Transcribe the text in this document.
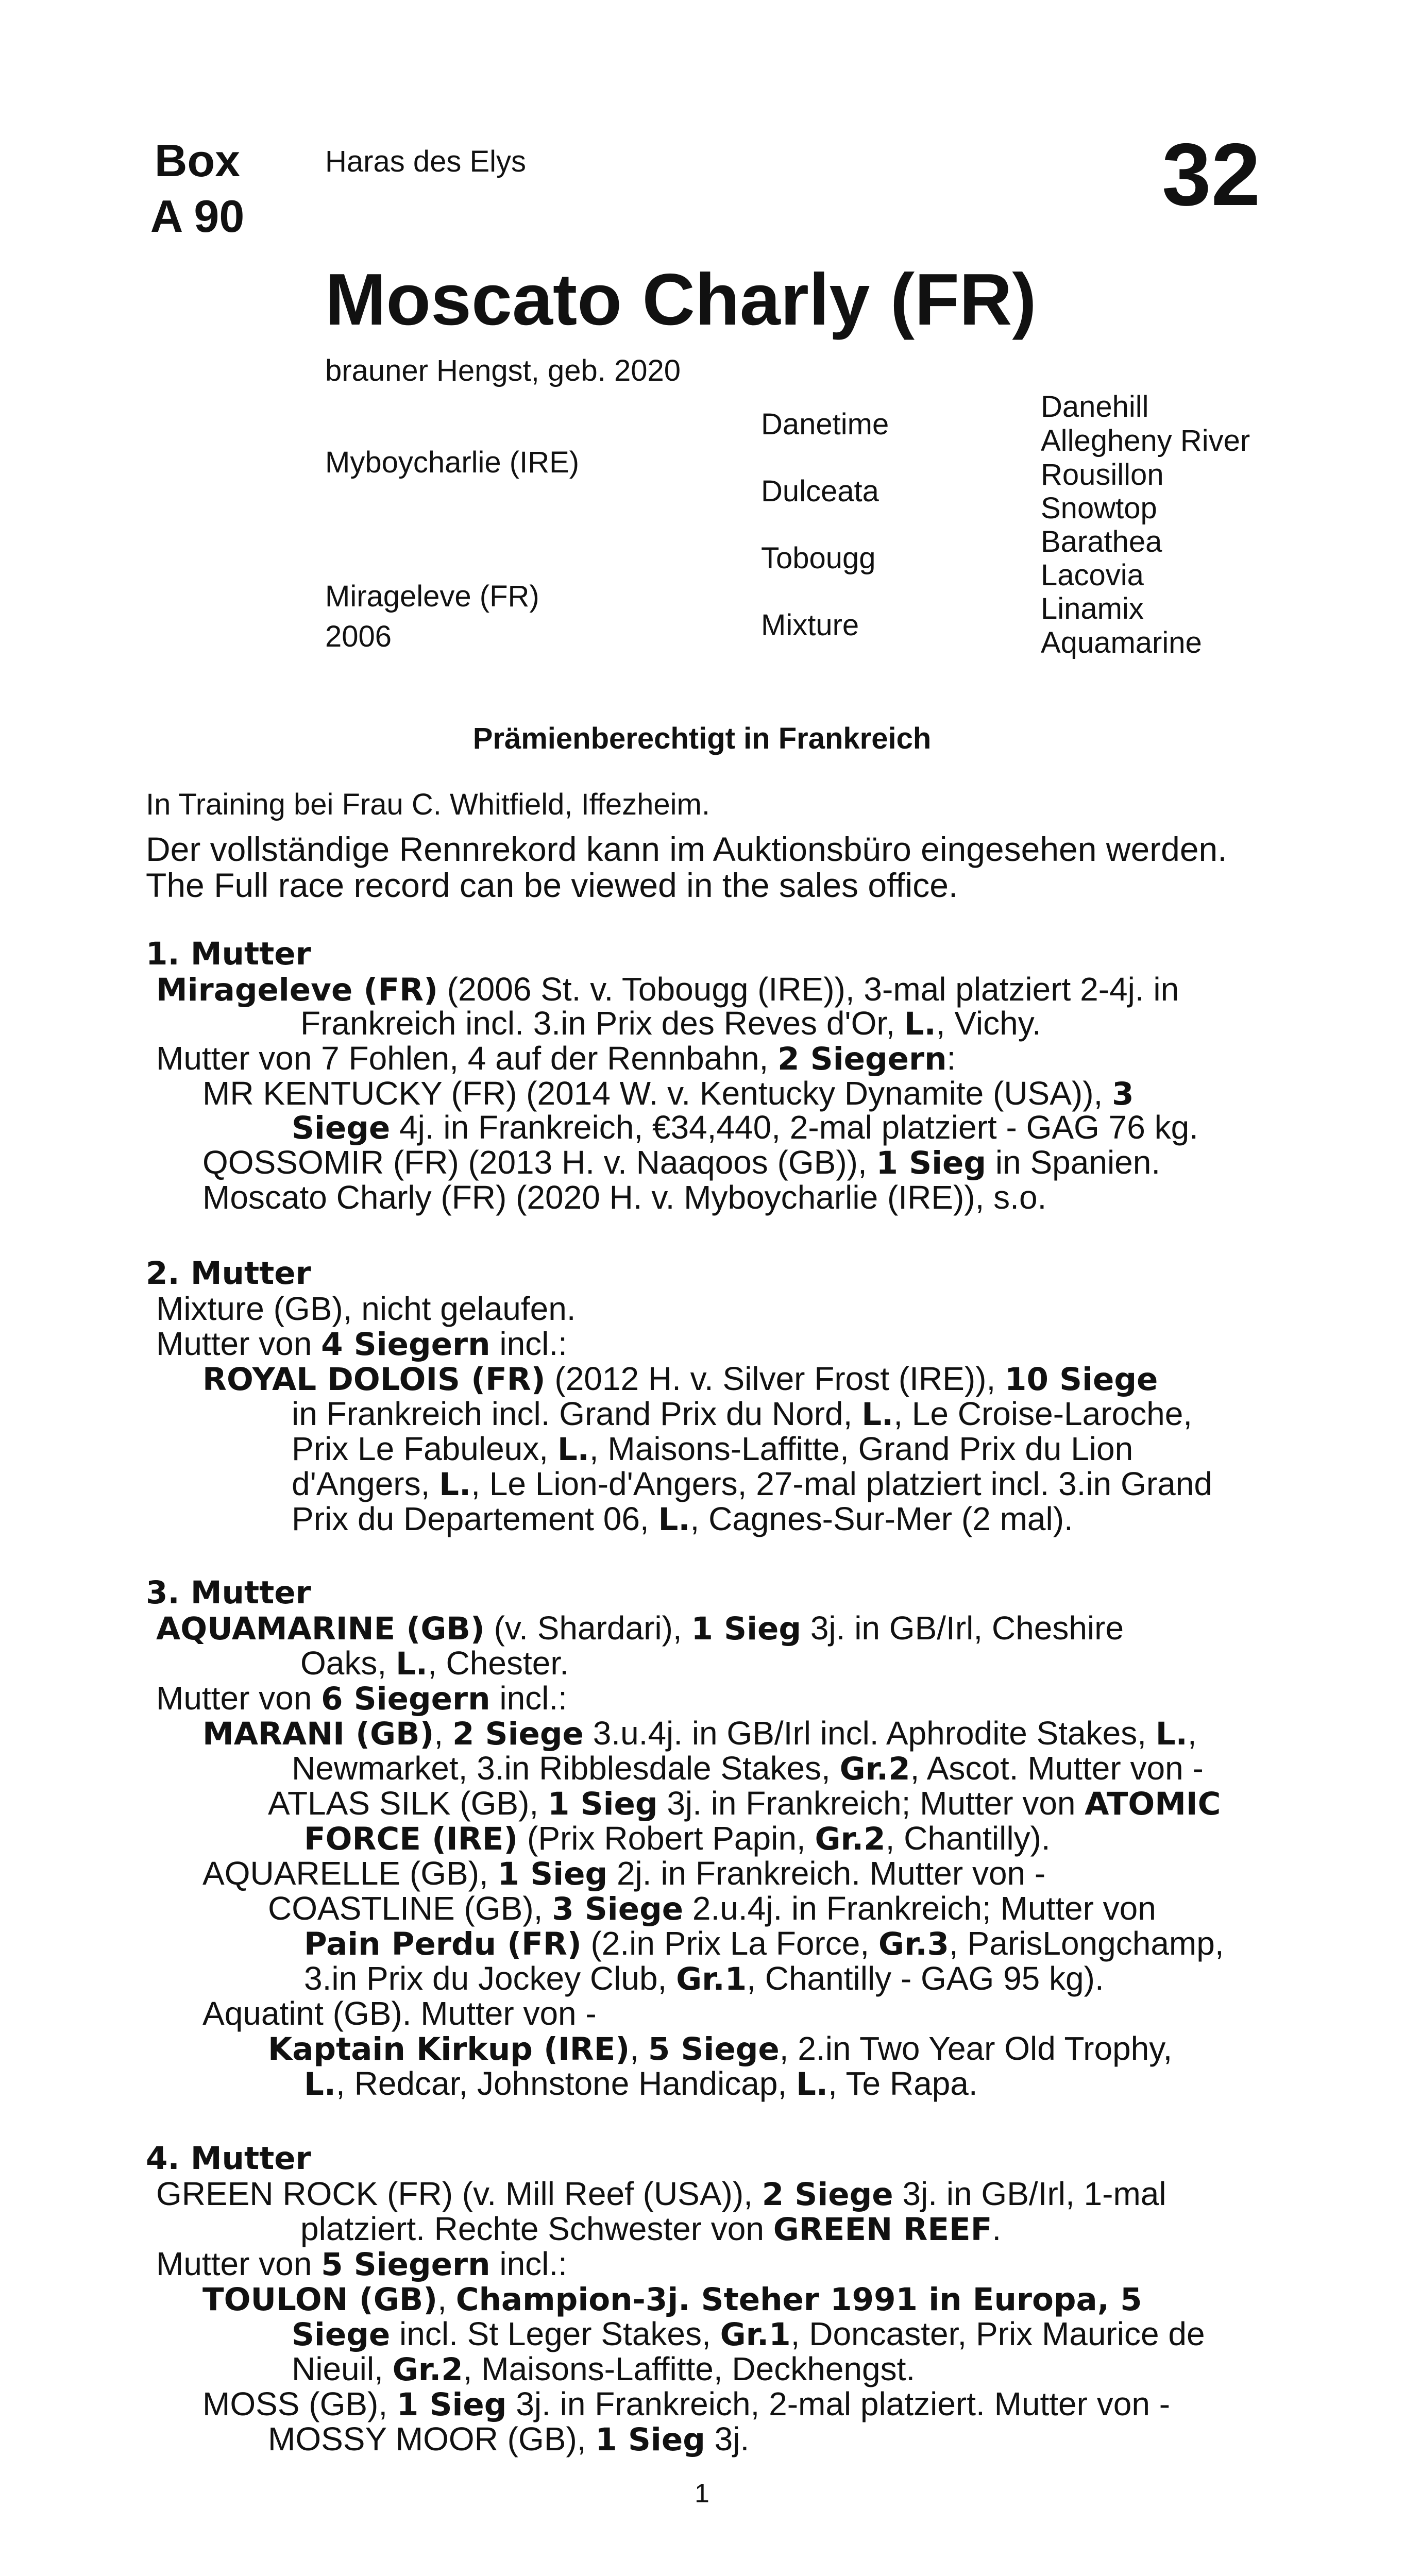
Box
A 90
Haras des Elys	32
Moscato Charly (FR)
brauner Hengst, geb. 2020
Myboycharlie (IRE)
Mirageleve (FR)
2006
Danetime
Dulceata
Tobougg
Mixture
Danehill
Allegheny River
Rousillon
Snowtop
Barathea
Lacovia
Linamix
Aquamarine
Prämienberechtigt in Frankreich
In Training bei Frau C. Whitfield, Iffezheim.
Der vollständige Rennrekord kann im Auktionsbüro eingesehen werden.
The Full race record can be viewed in the sales office.
1. Mutter
Mirageleve (FR) (2006 St. v. Tobougg (IRE)), 3-mal platziert 2-4j. in
Frankreich incl. 3.in Prix des Reves d'Or, L., Vichy.
Mutter von 7 Fohlen, 4 auf der Rennbahn, 2 Siegern:
MR KENTUCKY (FR) (2014 W. v. Kentucky Dynamite (USA)), 3
Siege 4j. in Frankreich, €34,440, 2-mal platziert - GAG 76 kg.
QOSSOMIR (FR) (2013 H. v. Naaqoos (GB)), 1 Sieg in Spanien.
Moscato Charly (FR) (2020 H. v. Myboycharlie (IRE)), s.o.
2. Mutter
Mixture (GB), nicht gelaufen.
Mutter von 4 Siegern incl.:
ROYAL DOLOIS (FR) (2012 H. v. Silver Frost (IRE)), 10 Siege
in Frankreich incl. Grand Prix du Nord, L., Le Croise-Laroche,
Prix Le Fabuleux, L., Maisons-Laffitte, Grand Prix du Lion
d'Angers, L., Le Lion-d'Angers, 27-mal platziert incl. 3.in Grand
Prix du Departement 06, L., Cagnes-Sur-Mer (2 mal).
3. Mutter
AQUAMARINE (GB) (v. Shardari), 1 Sieg 3j. in GB/Irl, Cheshire
Oaks, L., Chester.
Mutter von 6 Siegern incl.:
MARANI (GB), 2 Siege 3.u.4j. in GB/Irl incl. Aphrodite Stakes, L.,
Newmarket, 3.in Ribblesdale Stakes, Gr.2, Ascot. Mutter von -
ATLAS SILK (GB), 1 Sieg 3j. in Frankreich; Mutter von ATOMIC
FORCE (IRE) (Prix Robert Papin, Gr.2, Chantilly).
AQUARELLE (GB), 1 Sieg 2j. in Frankreich. Mutter von -
COASTLINE (GB), 3 Siege 2.u.4j. in Frankreich; Mutter von
Pain Perdu (FR) (2.in Prix La Force, Gr.3, ParisLongchamp,
3.in Prix du Jockey Club, Gr.1, Chantilly - GAG 95 kg).
Aquatint (GB). Mutter von -
Kaptain Kirkup (IRE), 5 Siege, 2.in Two Year Old Trophy,
L., Redcar, Johnstone Handicap, L., Te Rapa.
4. Mutter
GREEN ROCK (FR) (v. Mill Reef (USA)), 2 Siege 3j. in GB/Irl, 1-mal
platziert. Rechte Schwester von GREEN REEF.
Mutter von 5 Siegern incl.:
TOULON (GB), Champion-3j. Steher 1991 in Europa, 5
Siege incl. St Leger Stakes, Gr.1, Doncaster, Prix Maurice de
Nieuil, Gr.2, Maisons-Laffitte, Deckhengst.
MOSS (GB), 1 Sieg 3j. in Frankreich, 2-mal platziert. Mutter von -
MOSSY MOOR (GB), 1 Sieg 3j.
1
